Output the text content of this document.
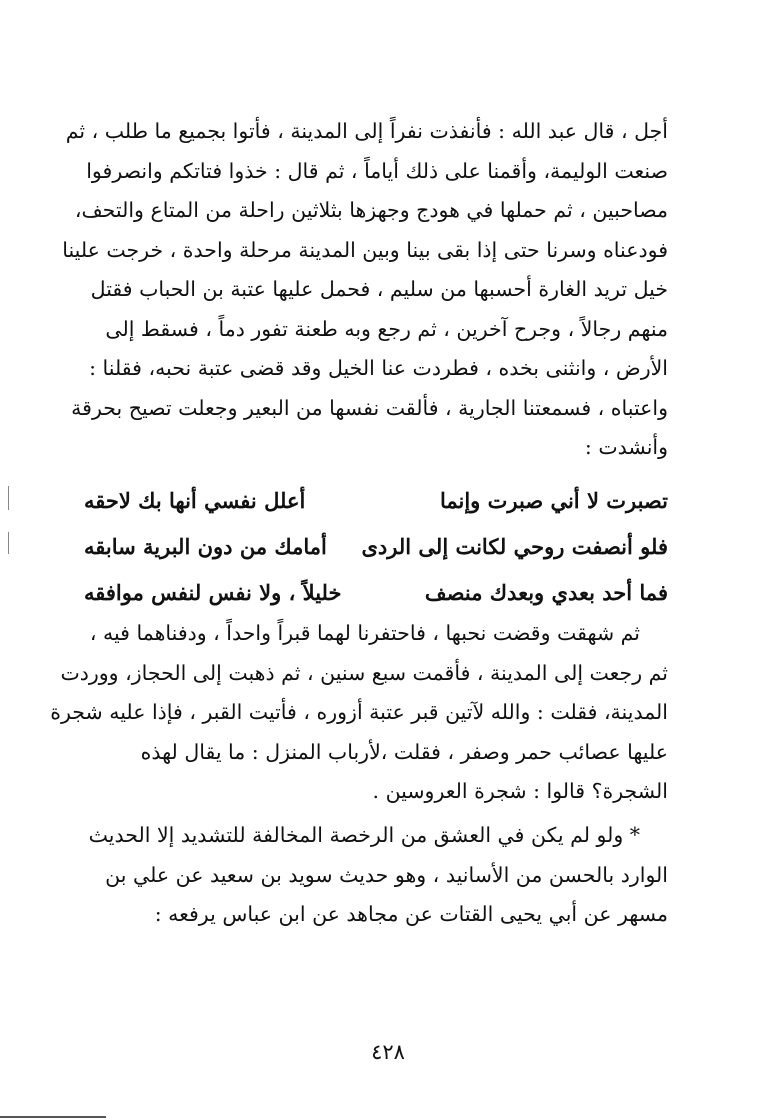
أجل ، قال عبد الله : فأنفذت نفراً إلى المدينة ، فأتوا بجميع ما طلب ، ثم
صنعت الوليمة، وأقمنا على ذلك أياماً ، ثم قال : خذوا فتاتكم وانصرفوا
مصاحبين ، ثم حملها في هودج وجهزها بثلاثين راحلة من المتاع والتحف،
فودعناه وسرنا حتى إذا بقى بينا وبين المدينة مرحلة واحدة ، خرجت علينا
خيل تريد الغارة أحسبها من سليم ، فحمل عليها عتبة بن الحباب فقتل
منهم رجالاً ، وجرح آخرين ، ثم رجع وبه طعنة تفور دماً ، فسقط إلى
الأرض ، وانثنى بخده ، فطردت عنا الخيل وقد قضى عتبة نحبه، فقلنا :
واعتباه ، فسمعتنا الجارية ، فألقت نفسها من البعير وجعلت تصيح بحرقة
وأنشدت :
تصبرت لا أني صبرت وإنما
أعلل نفسي أنها بك لاحقه
فلو أنصفت روحي لكانت إلى الردى
أمامك من دون البرية سابقه
فما أحد بعدي وبعدك منصف
خليلاً ، ولا نفس لنفس موافقه
ثم شهقت وقضت نحبها ، فاحتفرنا لهما قبراً واحداً ، ودفناهما فيه ،
ثم رجعت إلى المدينة ، فأقمت سبع سنين ، ثم ذهبت إلى الحجاز، ووردت
المدينة، فقلت : والله لآتين قبر عتبة أزوره ، فأتيت القبر ، فإذا عليه شجرة
عليها عصائب حمر وصفر ، فقلت ،لأرباب المنزل : ما يقال لهذه
الشجرة؟ قالوا : شجرة العروسين .
* ولو لم يكن في العشق من الرخصة المخالفة للتشديد إلا الحديث
الوارد بالحسن من الأسانيد ، وهو حديث سويد بن سعيد عن علي بن
مسهر عن أبي يحيى القتات عن مجاهد عن ابن عباس يرفعه :
٤٢٨
